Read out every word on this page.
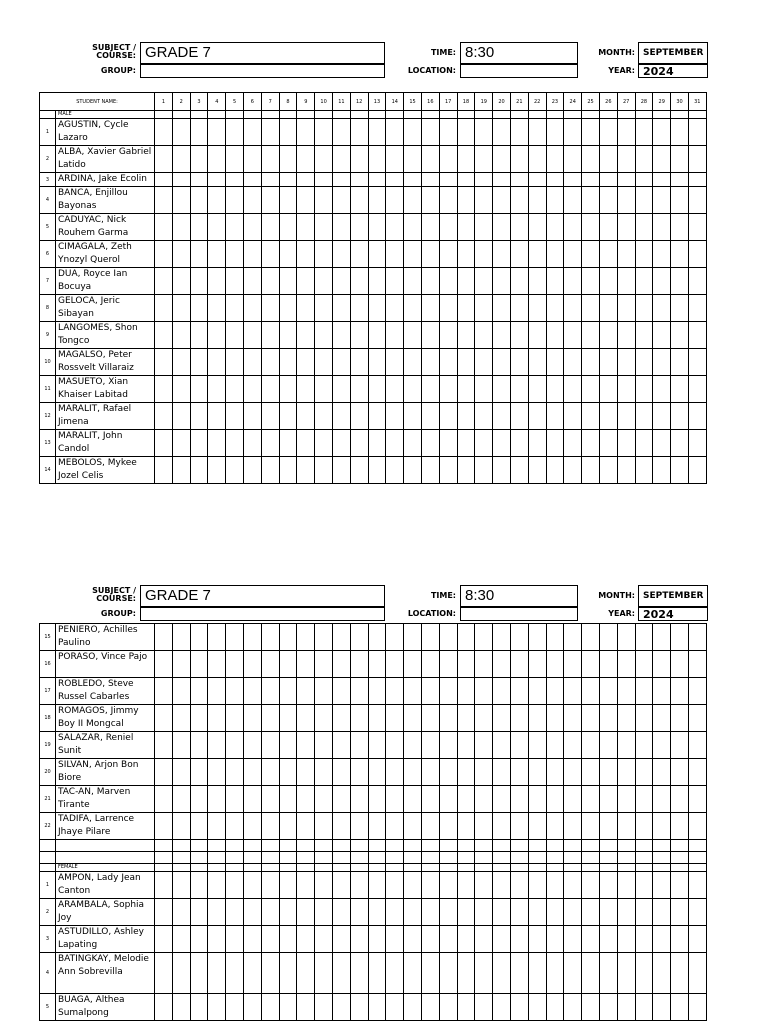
SUBJECT /
COURSE: GRADE 7
GROUP:
TIME: 8:30
LOCATION:
MONTH: SEPTEMBER
YEAR: 2024
STUDENT NAME:		1	2	3	4	5	6	7	8	9	10	11	12	13	14	15	16	17	18	19	20	21	22	23	24	25	26	27	28	29	30	31
	MALE																															
1	AGUSTIN, Cycle Lazaro																															
2	ALBA, Xavier Gabriel Latido																															
3	ARDINA, Jake Ecolin																															
4	BANCA, Enjillou Bayonas																															
5	CADUYAC, Nick Rouhem Garma																															
6	CIMAGALA, Zeth Ynozyl Querol																															
7	DUA, Royce Ian Bocuya																															
8	GELOCA, Jeric Sibayan																															
9	LANGOMES, Shon Tongco																															
10	MAGALSO, Peter Rossvelt Villaraiz																															
11	MASUETO, Xian Khaiser Labitad																															
12	MARALIT, Rafael Jimena																															
13	MARALIT, John Candol																															
14	MEBOLOS, Mykee Jozel Celis																															
SUBJECT /
COURSE: GRADE 7
GROUP:
TIME: 8:30
LOCATION:
MONTH: SEPTEMBER
YEAR: 2024
15	PENIERO, Achilles Paulino																															
16	PORASO, Vince Pajo																															
17	ROBLEDO, Steve Russel Cabarles																															
18	ROMAGOS, Jimmy Boy II Mongcal																															
19	SALAZAR, Reniel Sunit																															
20	SILVAN, Arjon Bon Biore																															
21	TAC-AN, Marven Tirante																															
22	TADIFA, Larrence Jhaye Pilare																															

	FEMALE																															
1	AMPON, Lady Jean Canton																															
2	ARAMBALA, Sophia Joy																															
3	ASTUDILLO, Ashley Lapating																															
4	BATINGKAY, Melodie Ann Sobrevilla																															
5	BUAGA, Althea Sumalpong																															
